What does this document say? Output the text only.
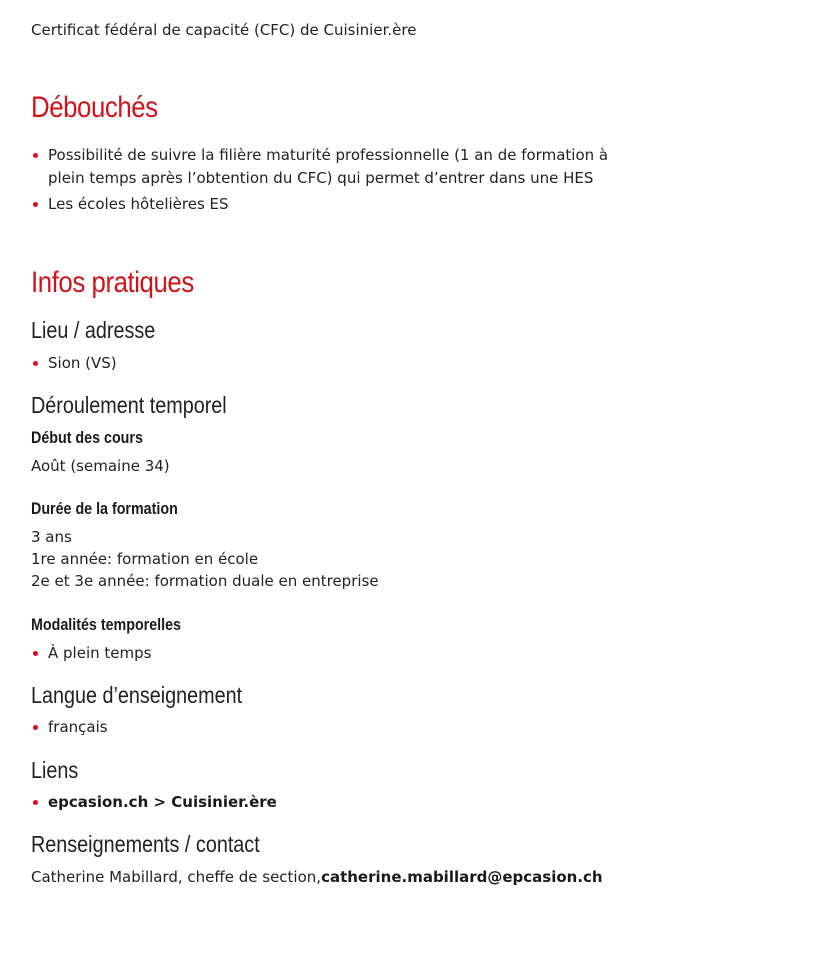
Certificat fédéral de capacité (CFC) de Cuisinier.ère
Débouchés
Possibilité de suivre la filière maturité professionnelle (1 an de formation à
plein temps après l’obtention du CFC) qui permet d’entrer dans une HES
Les écoles hôtelières ES
Infos pratiques
Lieu / adresse
Sion (VS)
Déroulement temporel
Début des cours
Août (semaine 34)
Durée de la formation
3 ans
1re année: formation en école
2e et 3e année: formation duale en entreprise
Modalités temporelles
À plein temps
Langue d’enseignement
français
Liens
epcasion.ch > Cuisinier.ère
Renseignements / contact
Catherine Mabillard, cheffe de section,catherine.mabillard@epcasion.ch
